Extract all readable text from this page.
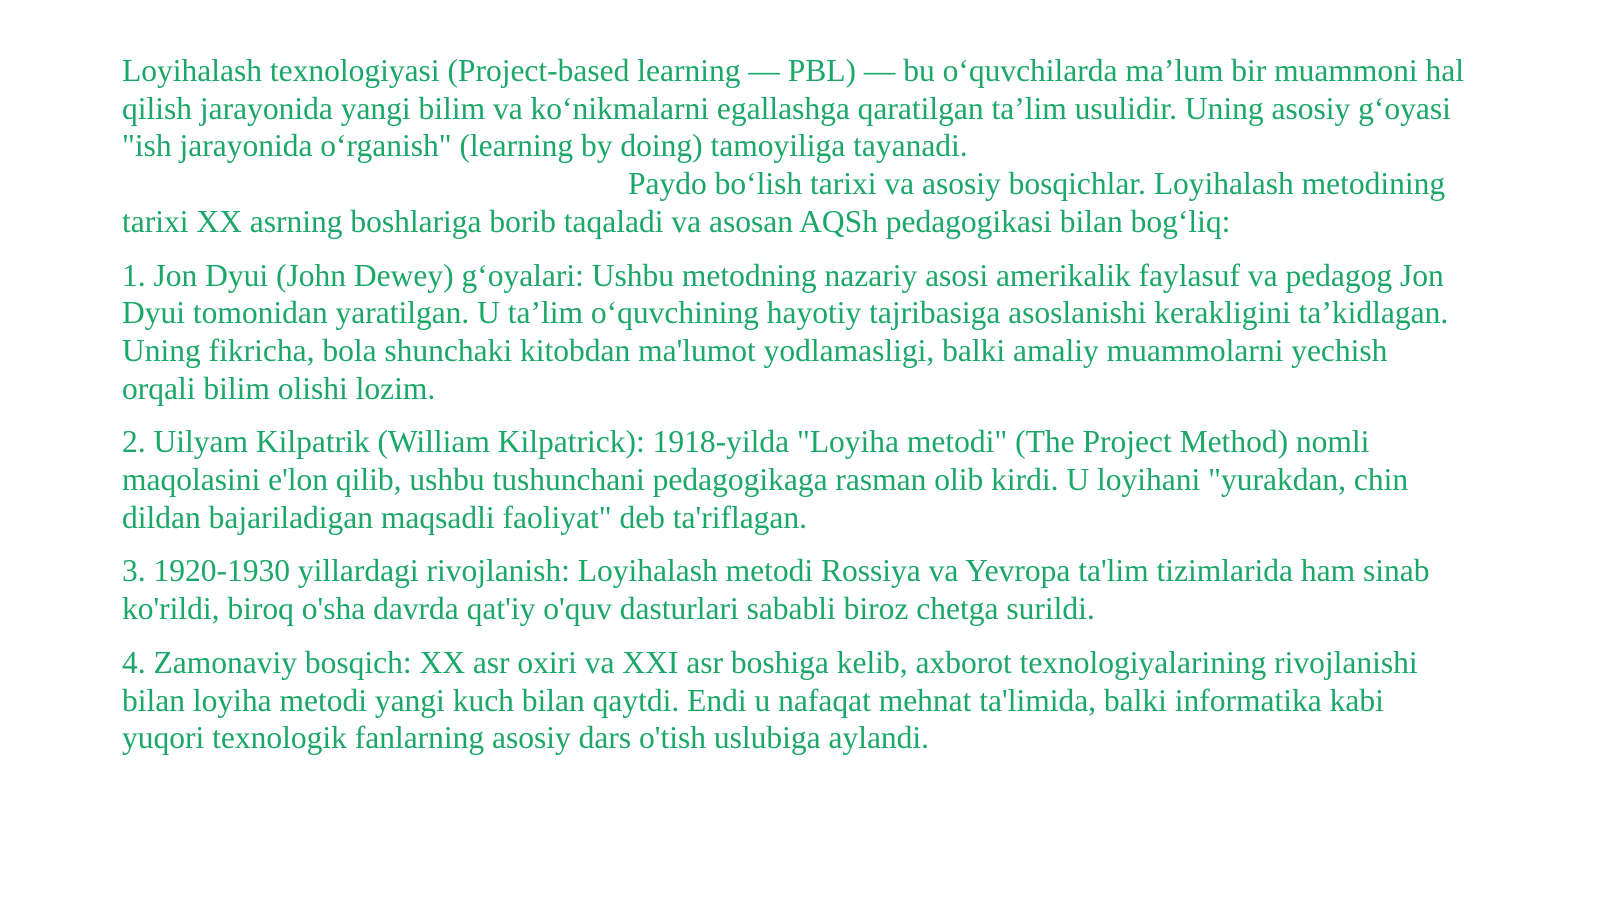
Loyihalash texnologiyasi (Project-based learning — PBL) — bu o‘quvchilarda ma’lum bir muammoni hal qilish jarayonida yangi bilim va ko‘nikmalarni egallashga qaratilgan ta’lim usulidir. Uning asosiy g‘oyasi "ish jarayonida o‘rganish" (learning by doing) tamoyiliga tayanadi.Paydo bo‘lish tarixi va asosiy bosqichlar. Loyihalash metodining tarixi XX asrning boshlariga borib taqaladi va asosan AQSh pedagogikasi bilan bog‘liq:

1. Jon Dyui (John Dewey) g‘oyalari: Ushbu metodning nazariy asosi amerikalik faylasuf va pedagog Jon Dyui tomonidan yaratilgan. U ta’lim o‘quvchining hayotiy tajribasiga asoslanishi kerakligini ta’kidlagan. Uning fikricha, bola shunchaki kitobdan ma'lumot yodlamasligi, balki amaliy muammolarni yechish orqali bilim olishi lozim.

2. Uilyam Kilpatrik (William Kilpatrick): 1918-yilda "Loyiha metodi" (The Project Method) nomli maqolasini e'lon qilib, ushbu tushunchani pedagogikaga rasman olib kirdi. U loyihani "yurakdan, chin dildan bajariladigan maqsadli faoliyat" deb ta'riflagan.

3. 1920-1930 yillardagi rivojlanish: Loyihalash metodi Rossiya va Yevropa ta'lim tizimlarida ham sinab ko'rildi, biroq o'sha davrda qat'iy o'quv dasturlari sababli biroz chetga surildi.

4. Zamonaviy bosqich: XX asr oxiri va XXI asr boshiga kelib, axborot texnologiyalarining rivojlanishi bilan loyiha metodi yangi kuch bilan qaytdi. Endi u nafaqat mehnat ta'limida, balki informatika kabi yuqori texnologik fanlarning asosiy dars o'tish uslubiga aylandi.
